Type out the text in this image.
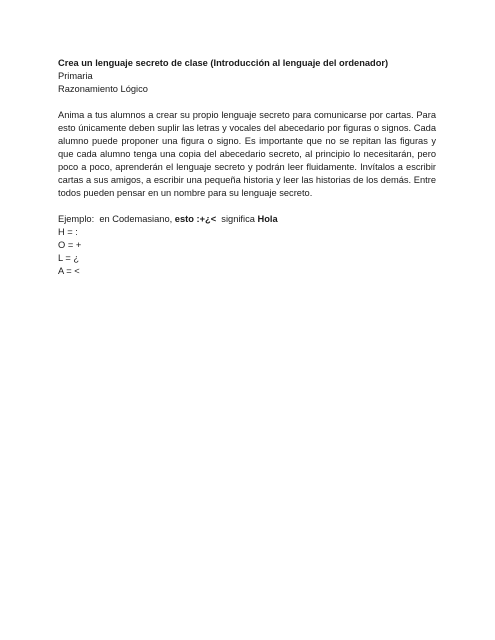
Crea un lenguaje secreto de clase (Introducción al lenguaje del ordenador)

Primaria

Razonamiento Lógico

Anima a tus alumnos a crear su propio lenguaje secreto para comunicarse por cartas. Para esto únicamente deben suplir las letras y vocales del abecedario por figuras o signos. Cada alumno puede proponer una figura o signo. Es importante que no se repitan las figuras y que cada alumno tenga una copia del abecedario secreto, al principio lo necesitarán, pero poco a poco, aprenderán el lenguaje secreto y podrán leer fluidamente. Invítalos a escribir cartas a sus amigos, a escribir una pequeña historia y leer las historias de los demás. Entre todos pueden pensar en un nombre para su lenguaje secreto.

Ejemplo:  en Codemasiano, esto :+¿<  significa Hola

H = :

O = +

L = ¿

A = <
